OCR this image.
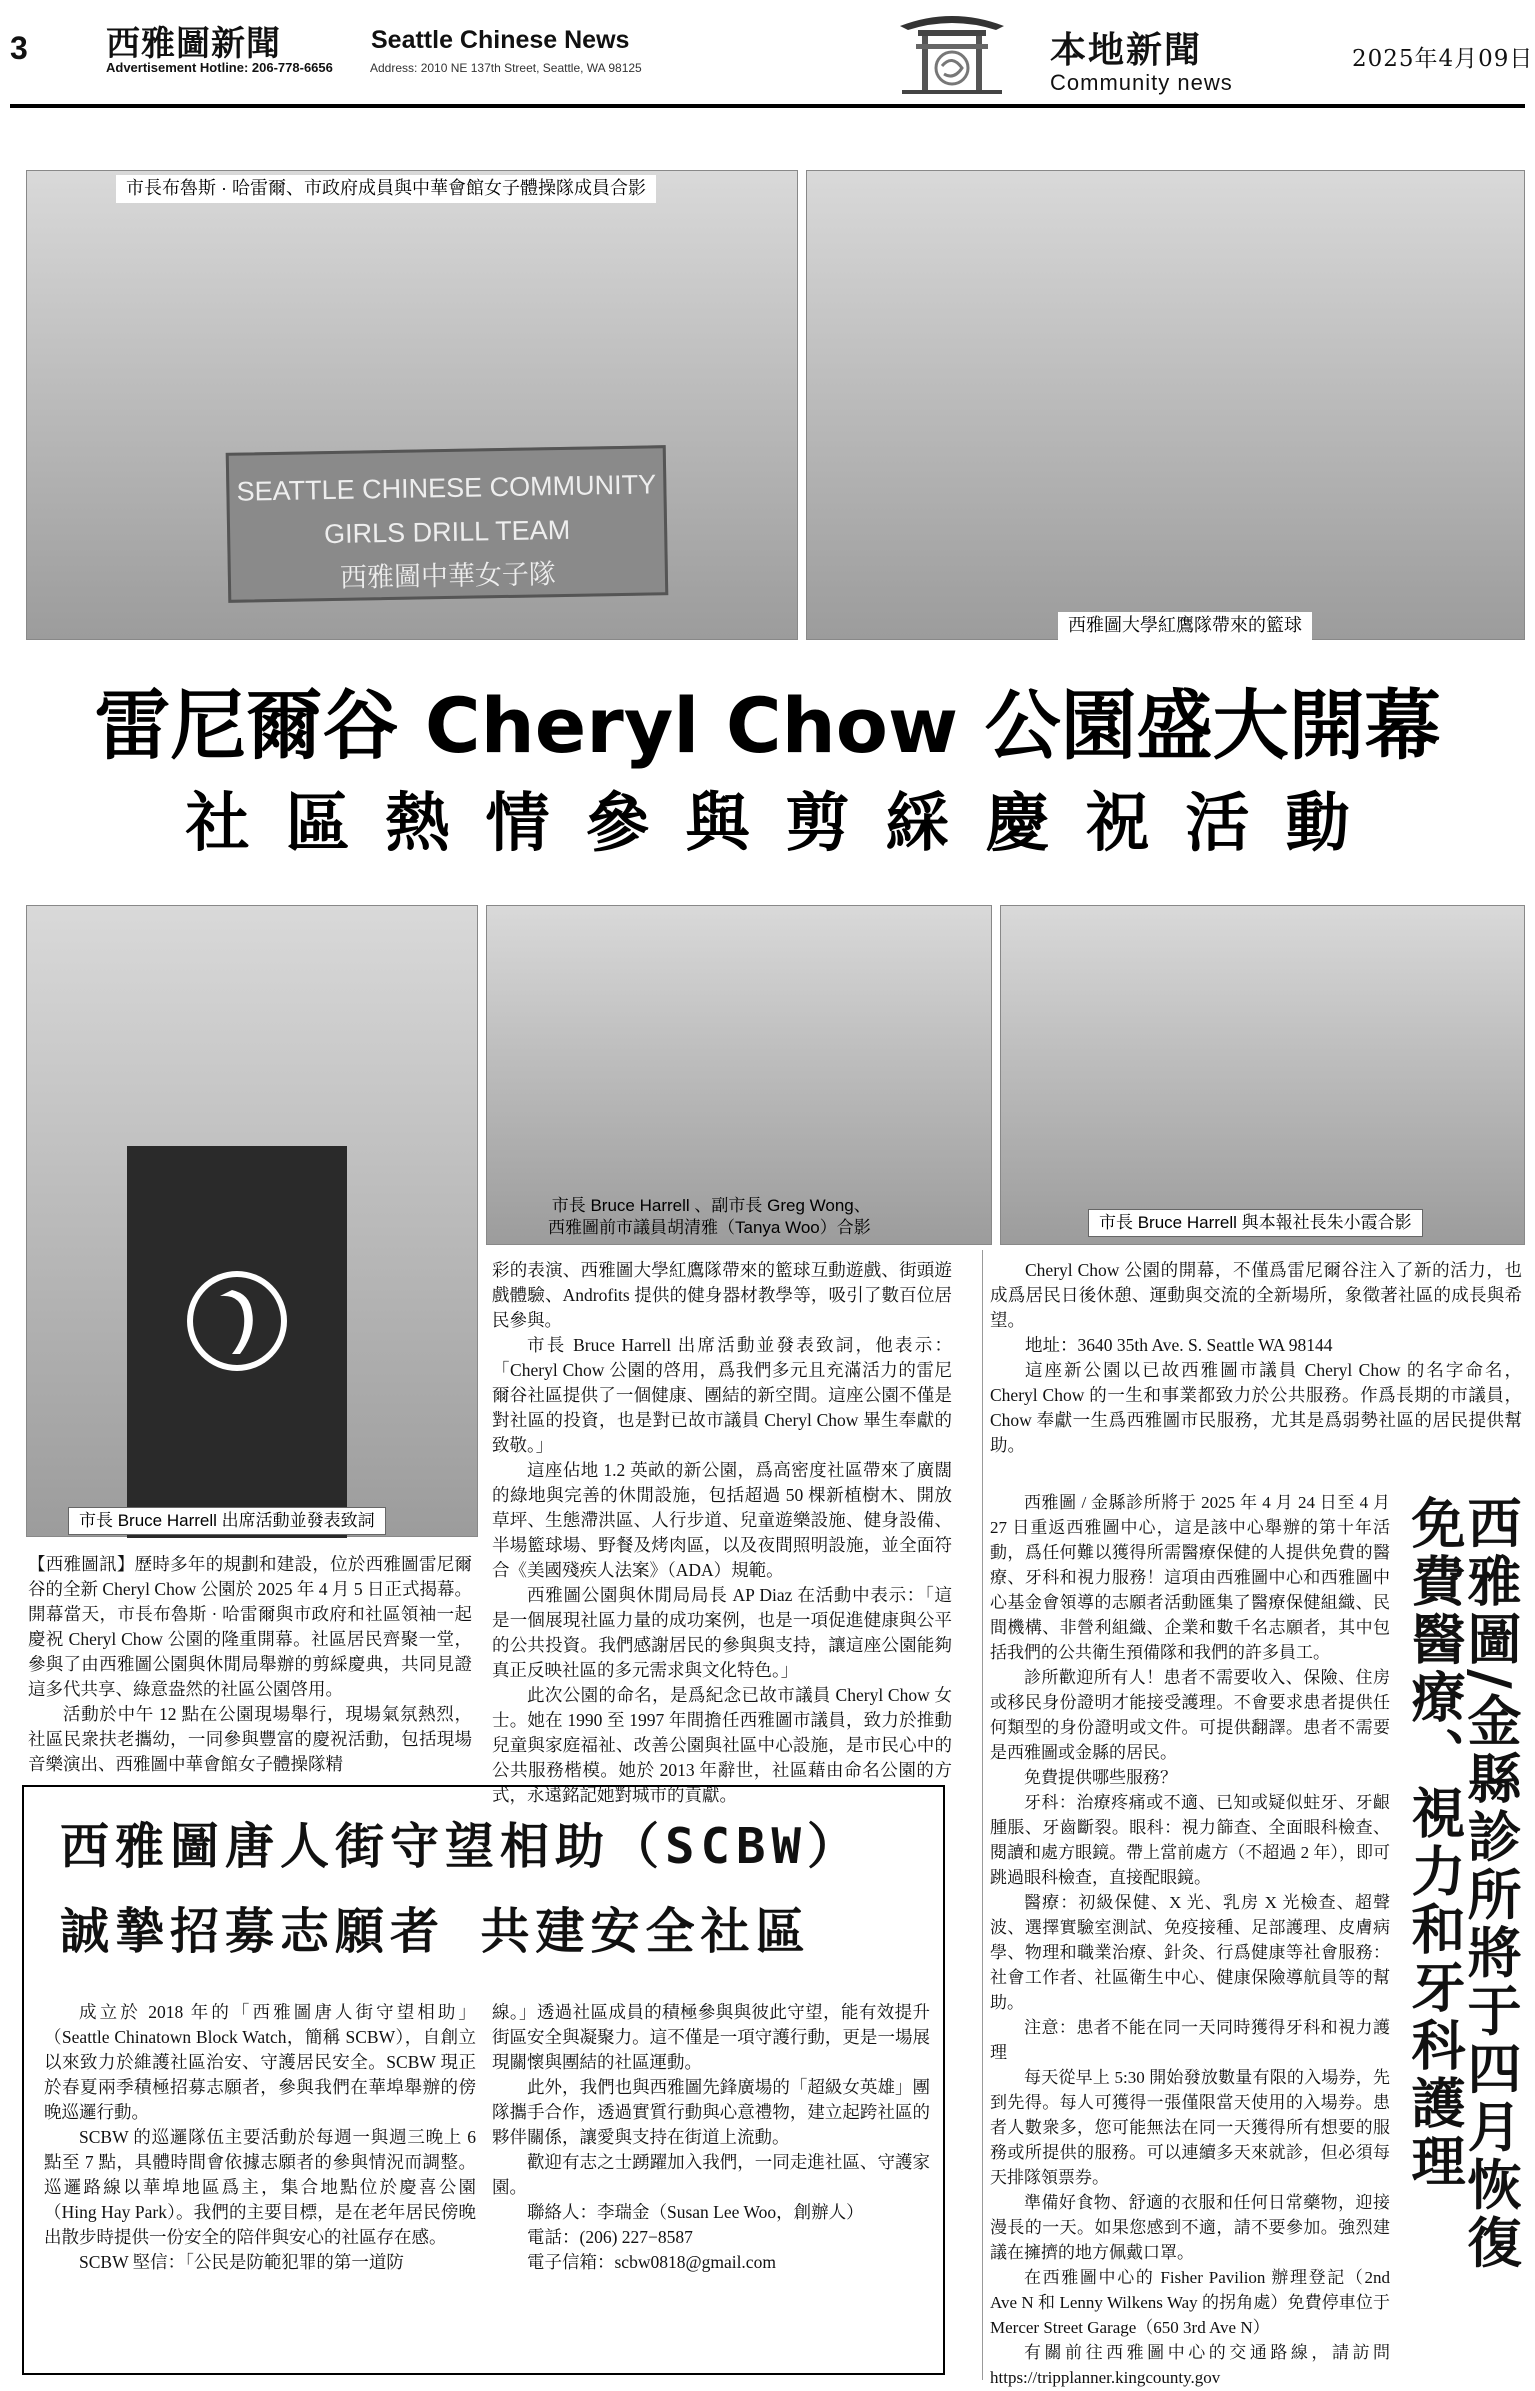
3 西雅圖新聞	Seattle Chinese News
Advertisement Hotline: 206-778-6656	Address: 2010 NE 137th Street, Seattle, WA 98125	本地新聞
Community news
2025年4月09日
SEATTLE CHINESE COMMUNITY
GIRLS DRILL TEAM
西雅圖中華女子隊
市長布魯斯 · 哈雷爾、市政府成員與中華會館女子體操隊成員合影
西雅圖大學紅鷹隊帶來的籃球
雷尼爾谷 Cheryl Chow 公園盛大開幕
社區熱情參與剪綵慶祝活動
市長 Bruce Harrell 出席活動並發表致詞
市長 Bruce Harrell 、副市長 Greg Wong、
西雅圖前市議員胡清雅（Tanya Woo）合影	市長 Bruce Harrell 與本報社長朱小霞合影

【西雅圖訊】歷時多年的規劃和建設，位於西雅圖雷尼爾谷的全新 Cheryl Chow 公園於 2025 年 4 月 5 日正式揭幕。開幕當天，市長布魯斯 · 哈雷爾與市政府和社區領袖一起慶祝 Cheryl Chow 公園的隆重開幕。社區居民齊聚一堂，參與了由西雅圖公園與休閒局舉辦的剪綵慶典，共同見證這多代共享、綠意盎然的社區公園啓用。

活動於中午 12 點在公園現場舉行，現場氣氛熱烈，社區民衆扶老攜幼，一同參與豐富的慶祝活動，包括現場音樂演出、西雅圖中華會館女子體操隊精

彩的表演、西雅圖大學紅鷹隊帶來的籃球互動遊戲、街頭遊戲體驗、Androfits 提供的健身器材教學等，吸引了數百位居民參與。

市長 Bruce Harrell 出席活動並發表致詞，他表示：「Cheryl Chow 公園的啓用，爲我們多元且充滿活力的雷尼爾谷社區提供了一個健康、團結的新空間。這座公園不僅是對社區的投資，也是對已故市議員 Cheryl Chow 畢生奉獻的致敬。」

這座佔地 1.2 英畝的新公園，爲高密度社區帶來了廣闊的綠地與完善的休閒設施，包括超過 50 棵新植樹木、開放草坪、生態滯洪區、人行步道、兒童遊樂設施、健身設備、半場籃球場、野餐及烤肉區，以及夜間照明設施，並全面符合《美國殘疾人法案》（ADA）規範。

西雅圖公園與休閒局局長 AP Diaz 在活動中表示：「這是一個展現社區力量的成功案例，也是一項促進健康與公平的公共投資。我們感謝居民的參與與支持，讓這座公園能夠真正反映社區的多元需求與文化特色。」

此次公園的命名，是爲紀念已故市議員 Cheryl Chow 女士。她在 1990 至 1997 年間擔任西雅圖市議員，致力於推動兒童與家庭福祉、改善公園與社區中心設施，是市民心中的公共服務楷模。她於 2013 年辭世，社區藉由命名公園的方式，永遠銘記她對城市的貢獻。

Cheryl Chow 公園的開幕，不僅爲雷尼爾谷注入了新的活力，也成爲居民日後休憩、運動與交流的全新場所，象徵著社區的成長與希望。

地址：3640 35th Ave. S. Seattle WA 98144

這座新公園以已故西雅圖市議員 Cheryl Chow 的名字命名，Cheryl Chow 的一生和事業都致力於公共服務。作爲長期的市議員，Chow 奉獻一生爲西雅圖市民服務，尤其是爲弱勢社區的居民提供幫助。

西雅圖 / 金縣診所將于 2025 年 4 月 24 日至 4 月 27 日重返西雅圖中心，這是該中心舉辦的第十年活動，爲任何難以獲得所需醫療保健的人提供免費的醫療、牙科和視力服務！這項由西雅圖中心和西雅圖中心基金會領導的志願者活動匯集了醫療保健組織、民間機構、非營利組織、企業和數千名志願者，其中包括我們的公共衛生預備隊和我們的許多員工。

診所歡迎所有人！患者不需要收入、保險、住房或移民身份證明才能接受護理。不會要求患者提供任何類型的身份證明或文件。可提供翻譯。患者不需要是西雅圖或金縣的居民。

免費提供哪些服務？

牙科：治療疼痛或不適、已知或疑似蛀牙、牙齦腫脹、牙齒斷裂。眼科：視力篩查、全面眼科檢查、閱讀和處方眼鏡。帶上當前處方（不超過 2 年），即可跳過眼科檢查，直接配眼鏡。

醫療：初級保健、X 光、乳房 X 光檢查、超聲波、選擇實驗室測試、免疫接種、足部護理、皮膚病學、物理和職業治療、針灸、行爲健康等社會服務：社會工作者、社區衛生中心、健康保險導航員等的幫助。

注意：患者不能在同一天同時獲得牙科和視力護理

每天從早上 5:30 開始發放數量有限的入場券，先到先得。每人可獲得一張僅限當天使用的入場券。患者人數衆多，您可能無法在同一天獲得所有想要的服務或所提供的服務。可以連續多天來就診，但必須每天排隊領票券。

準備好食物、舒適的衣服和任何日常藥物，迎接漫長的一天。如果您感到不適，請不要參加。強烈建議在擁擠的地方佩戴口罩。

在西雅圖中心的 Fisher Pavilion 辦理登記（2nd Ave N 和 Lenny Wilkens Way 的拐角處）免費停車位于 Mercer Street Garage（650 3rd Ave N）

有關前往西雅圖中心的交通路線，請訪問 https://tripplanner.kingcounty.gov

西雅圖/金縣診所將于四月恢復
免費醫療、視力和牙科護理
西雅圖唐人街守望相助（SCBW）
誠摯招募志願者 共建安全社區

成立於 2018 年的「西雅圖唐人街守望相助」（Seattle Chinatown Block Watch，簡稱 SCBW），自創立以來致力於維護社區治安、守護居民安全。SCBW 現正於春夏兩季積極招募志願者，參與我們在華埠舉辦的傍晚巡邏行動。

SCBW 的巡邏隊伍主要活動於每週一與週三晚上 6 點至 7 點，具體時間會依據志願者的參與情況而調整。巡邏路線以華埠地區爲主，集合地點位於慶喜公園（Hing Hay Park）。我們的主要目標，是在老年居民傍晚出散步時提供一份安全的陪伴與安心的社區存在感。

SCBW 堅信：「公民是防範犯罪的第一道防

線。」透過社區成員的積極參與與彼此守望，能有效提升街區安全與凝聚力。這不僅是一項守護行動，更是一場展現關懷與團結的社區運動。

此外，我們也與西雅圖先鋒廣場的「超級女英雄」團隊攜手合作，透過實質行動與心意禮物，建立起跨社區的夥伴關係，讓愛與支持在街道上流動。

歡迎有志之士踴躍加入我們，一同走進社區、守護家園。

聯絡人：李瑞金（Susan Lee Woo，創辦人）

電話：(206) 227−8587

電子信箱：scbw0818@gmail.com
